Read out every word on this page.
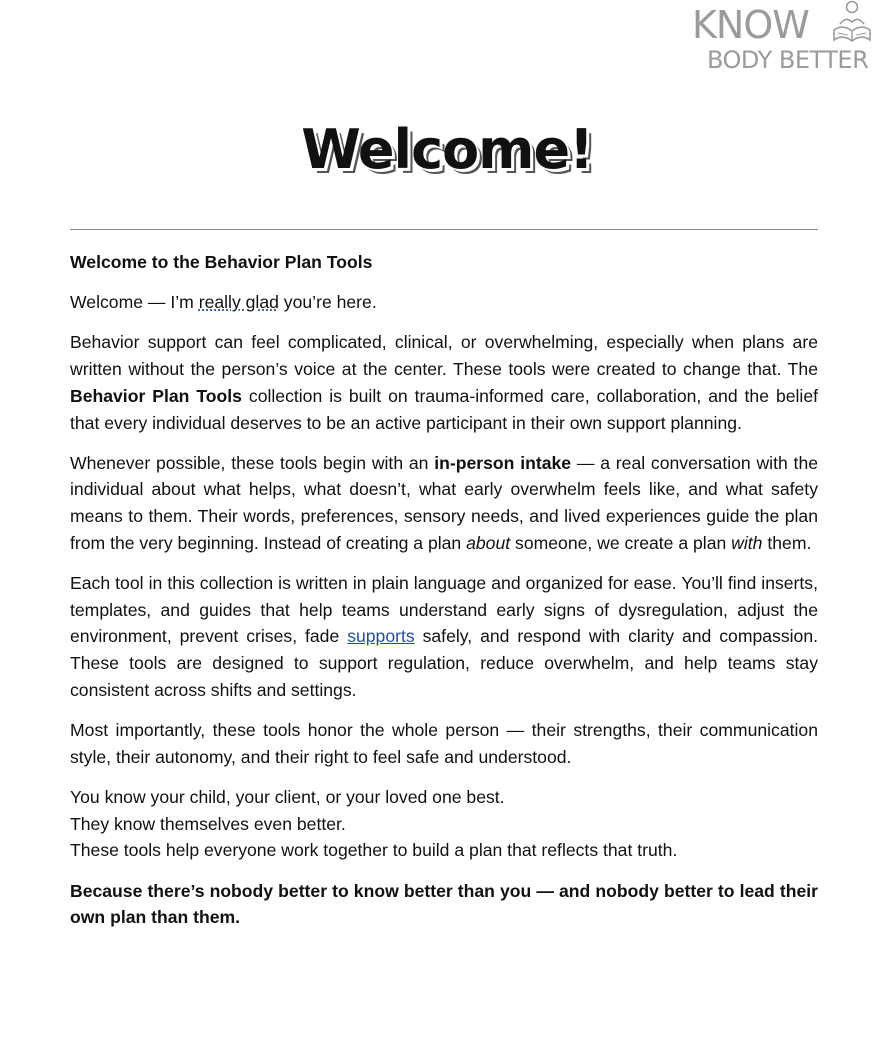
KNOW
BODY BETTER
Welcome!

Welcome to the Behavior Plan Tools

Welcome — I’m really glad you’re here.

Behavior support can feel complicated, clinical, or overwhelming, especially when plans are written without the person’s voice at the center. These tools were created to change that. The Behavior Plan Tools collection is built on trauma-informed care, collaboration, and the belief that every individual deserves to be an active participant in their own support planning.

Whenever possible, these tools begin with an in-person intake — a real conversation with the individual about what helps, what doesn’t, what early overwhelm feels like, and what safety means to them. Their words, preferences, sensory needs, and lived experiences guide the plan from the very beginning. Instead of creating a plan about someone, we create a plan with them.

Each tool in this collection is written in plain language and organized for ease. You’ll find inserts, templates, and guides that help teams understand early signs of dysregulation, adjust the environment, prevent crises, fade supports safely, and respond with clarity and compassion. These tools are designed to support regulation, reduce overwhelm, and help teams stay consistent across shifts and settings.

Most importantly, these tools honor the whole person — their strengths, their communication style, their autonomy, and their right to feel safe and understood.

You know your child, your client, or your loved one best.
They know themselves even better.
These tools help everyone work together to build a plan that reflects that truth.

Because there’s nobody better to know better than you — and nobody better to lead their own plan than them.
